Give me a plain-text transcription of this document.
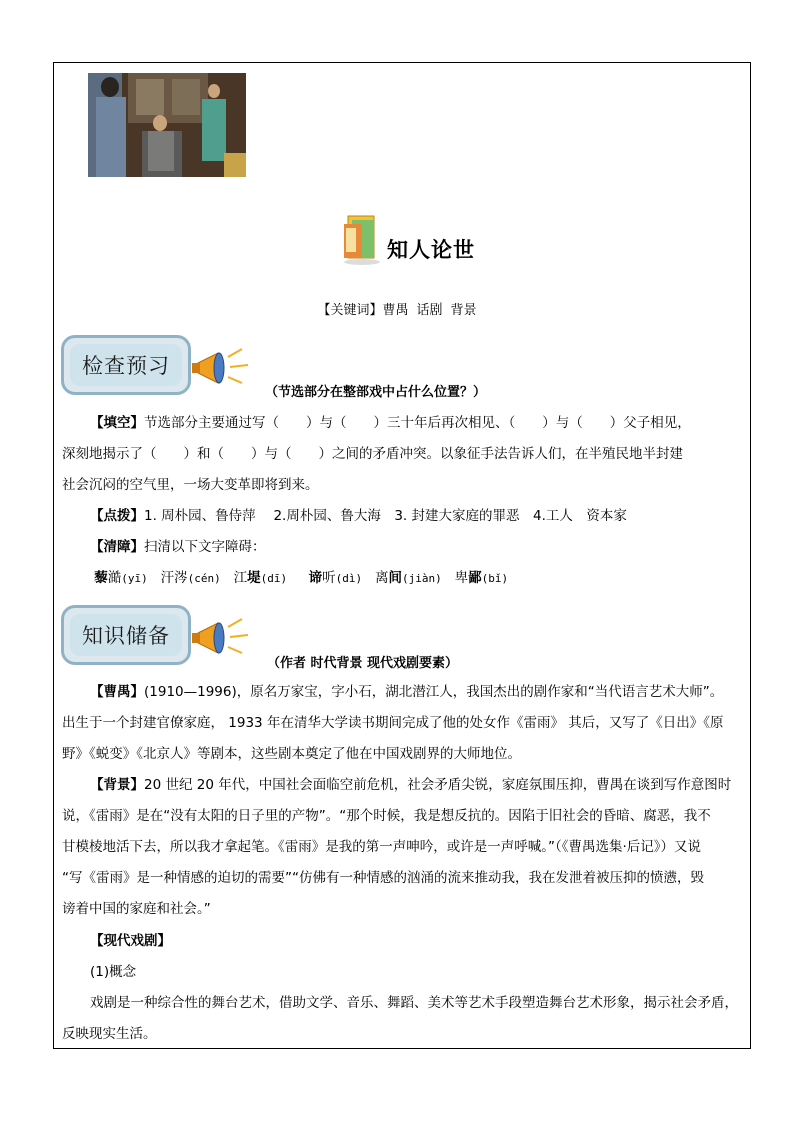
知人论世
【关键词】曹禺 话剧 背景
检查预习
（节选部分在整部戏中占什么位置？）
【填空】节选部分主要通过写（　　）与（　　）三十年后再次相见、（　　）与（　　）父子相见，
深刻地揭示了（　　）和（　　）与（　　）之间的矛盾冲突。以象征手法告诉人们，在半殖民地半封建
社会沉闷的空气里，一场大变革即将到来。
【点拨】1. 周朴园、鲁侍萍　 2.周朴园、鲁大海　3. 封建大家庭的罪恶　4.工人　资本家
【清障】扫清以下文字障碍：
藜澔(yī) 汗涔(cén) 江堤(dī) 谛听(dì) 离间(jiàn) 卑鄙(bǐ)
知识储备
（作者 时代背景 现代戏剧要素）
【曹禺】(1910—1996)，原名万家宝，字小石，湖北潜江人，我国杰出的剧作家和“当代语言艺术大师”。
出生于一个封建官僚家庭， 1933 年在清华大学读书期间完成了他的处女作《雷雨》 其后，又写了《日出》《原
野》《蜕变》《北京人》等剧本，这些剧本奠定了他在中国戏剧界的大师地位。
【背景】20 世纪 20 年代，中国社会面临空前危机，社会矛盾尖锐，家庭氛围压抑，曹禺在谈到写作意图时
说，《雷雨》是在“没有太阳的日子里的产物”。“那个时候，我是想反抗的。因陷于旧社会的昏暗、腐恶，我不
甘模棱地活下去，所以我才拿起笔。《雷雨》是我的第一声呻吟，或许是一声呼喊。”（《曹禺选集·后记》）又说
“写《雷雨》是一种情感的迫切的需要”“仿佛有一种情感的汹涌的流来推动我，我在发泄着被压抑的愤懑，毁
谤着中国的家庭和社会。”
【现代戏剧】
(1)概念
戏剧是一种综合性的舞台艺术，借助文学、音乐、舞蹈、美术等艺术手段塑造舞台艺术形象，揭示社会矛盾，
反映现实生活。
